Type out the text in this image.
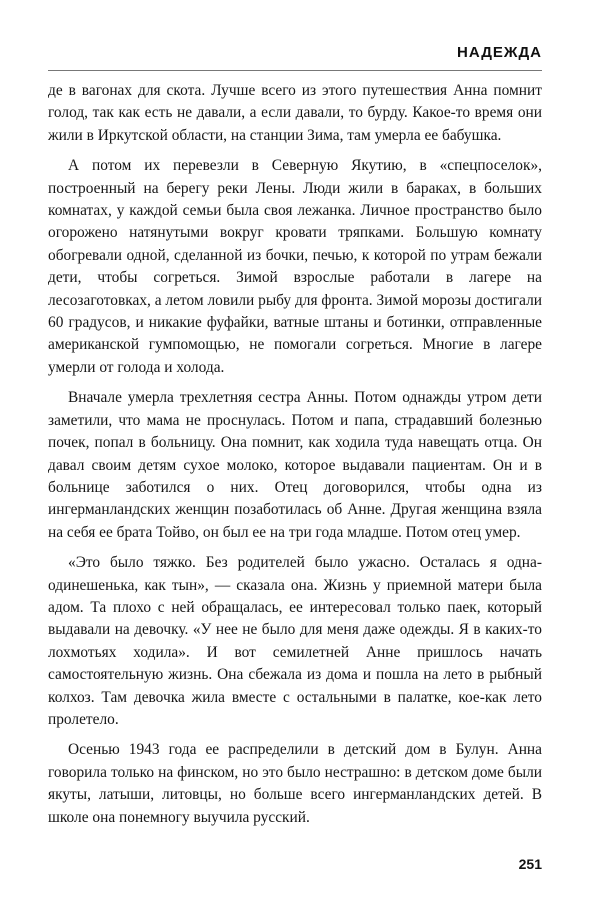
НАДЕЖДА

де в вагонах для скота. Лучше всего из этого путешествия Анна помнит голод, так как есть не давали, а если давали, то бурду. Какое-то время они жили в Иркутской области, на станции Зима, там умерла ее бабушка.

А потом их перевезли в Северную Якутию, в «спецпоселок», построенный на берегу реки Лены. Люди жили в бараках, в больших комнатах, у каждой семьи была своя лежанка. Личное пространство было огорожено натянутыми вокруг кровати тряпками. Большую комнату обогревали одной, сделанной из бочки, печью, к которой по утрам бежали дети, чтобы согреться. Зимой взрослые работали в лагере на лесозаготовках, а летом ловили рыбу для фронта. Зимой морозы достигали 60 градусов, и никакие фуфайки, ватные штаны и ботинки, отправленные американской гумпомощью, не помогали согреться. Многие в лагере умерли от голода и холода.

Вначале умерла трехлетняя сестра Анны. Потом однажды утром дети заметили, что мама не проснулась. Потом и папа, страдавший болезнью почек, попал в больницу. Она помнит, как ходила туда навещать отца. Он давал своим детям сухое молоко, которое выдавали пациентам. Он и в больнице заботился о них. Отец договорился, чтобы одна из ингерманландских женщин позаботилась об Анне. Другая женщина взяла на себя ее брата Тойво, он был ее на три года младше. Потом отец умер.

«Это было тяжко. Без родителей было ужасно. Осталась я одна-одинешенька, как тын», — сказала она. Жизнь у приемной матери была адом. Та плохо с ней обращалась, ее интересовал только паек, который выдавали на девочку. «У нее не было для меня даже одежды. Я в каких-то лохмотьях ходила». И вот семилетней Анне пришлось начать самостоятельную жизнь. Она сбежала из дома и пошла на лето в рыбный колхоз. Там девочка жила вместе с остальными в палатке, кое-как лето пролетело.

Осенью 1943 года ее распределили в детский дом в Булун. Анна говорила только на финском, но это было нестрашно: в детском доме были якуты, латыши, литовцы, но больше всего ингерманландских детей. В школе она понемногу выучила русский.

251
